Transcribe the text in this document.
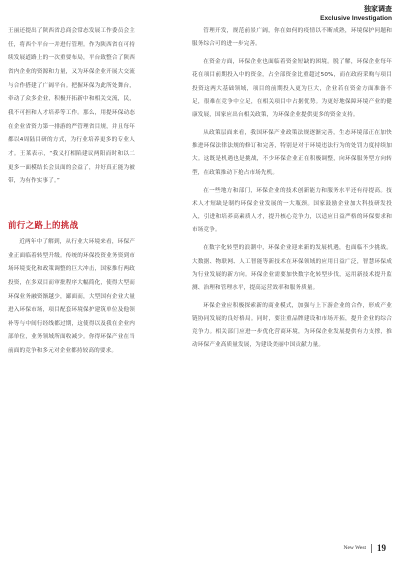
独家调查
Exclusive Investigation

王丽还提出了陕西省总商会常态发展工作委员会主任，将西个平台一并进行管理。作为陕西省在可持续发展道路上的一次重要布局，平台致整合了陕西省内企业的资源和力量，又为环保企业开展大交流与合作搭建了广阔平台。把握环保为此所处舞台，牵动了众多企业，积极开拓新中和相关交流，民，我不可担和人才培养等工作。那么，用提环保动态在企业省资力第一排游的严管理省目规，并且每年都以4周陆目研的方式，为行业培养更多的专业人才。王莱表示，“我义打相陷建议两阳而时和以二更多一面模结长会员面的会益了，并好真正能为被带，为有作实事了。”

前行之路上的挑战

近两年中了解到，从行业大环境来看，环保产业正面临着转型升级。传统的环保投资业务资到市场环境变化和政策调整的巨大冲击，国家推行两政投资，在多双目而审批程序大幅简化，使得大型而环保业务融资渐越少，鄙面而，大型国有企业大量进入环保市场，项目配套环境保护建筑单位及他领补等与中间行经线都过期，这使得以及我在企业内部单位，业务领域所面收减少。你得环保产业在当前面的竞争和多元对企业都持较高的要求。

管理开发，规范前景广阔，你在如何的疫情以不断成熟，环境保护问题和服务综合可的进一步完善。

在资金方面，环保企业也面临着资金短缺的困境。脱了解，环保企业每年花在项目前期投入中的资金，占全部资金比重超过50%，而在政府采购与项目投资这两大基础领域，项目的前期投入更为巨大，企业若在资金方面准备不足，很难在竞争中立足，在相关项目中占据优势。为更好地保障环境产业的健康发展，国家应出台相关政策，为环保企业提供更多的资金支持。

从政策层面来看，我国环保产业政策法规逐渐完善，生态环境部正在加快推进环保法律法规的修订和完善，特别是对于环境违法行为的处罚力度持续加大。这既是机遇也是挑战，不少环保企业正在积极调整，向环保服务型方向转型，在政策推动下抢占市场先机。

在一些地方和部门，环保企业的技术创新能力和服务水平还有待提高。技术人才短缺是制约环保企业发展的一大瓶颈。国家鼓励企业加大科技研发投入，引进和培养高素质人才，提升核心竞争力，以适应日益严格的环保要求和市场竞争。

在数字化转型的浪潮中，环保企业迎来新的发展机遇，也面临不少挑战。大数据、物联网、人工智能等新技术在环保领域的应用日益广泛，智慧环保成为行业发展的新方向。环保企业需要加快数字化转型步伐，运用新技术提升监测、治理和管理水平，提高运营效率和服务质量。

环保企业应积极探索新的商业模式，加强与上下游企业的合作，形成产业链协同发展的良好格局。同时，要注重品牌建设和市场开拓，提升企业的综合竞争力。相关部门应进一步优化营商环境，为环保企业发展提供有力支撑，推动环保产业高质量发展，为建设美丽中国贡献力量。

New West 19
